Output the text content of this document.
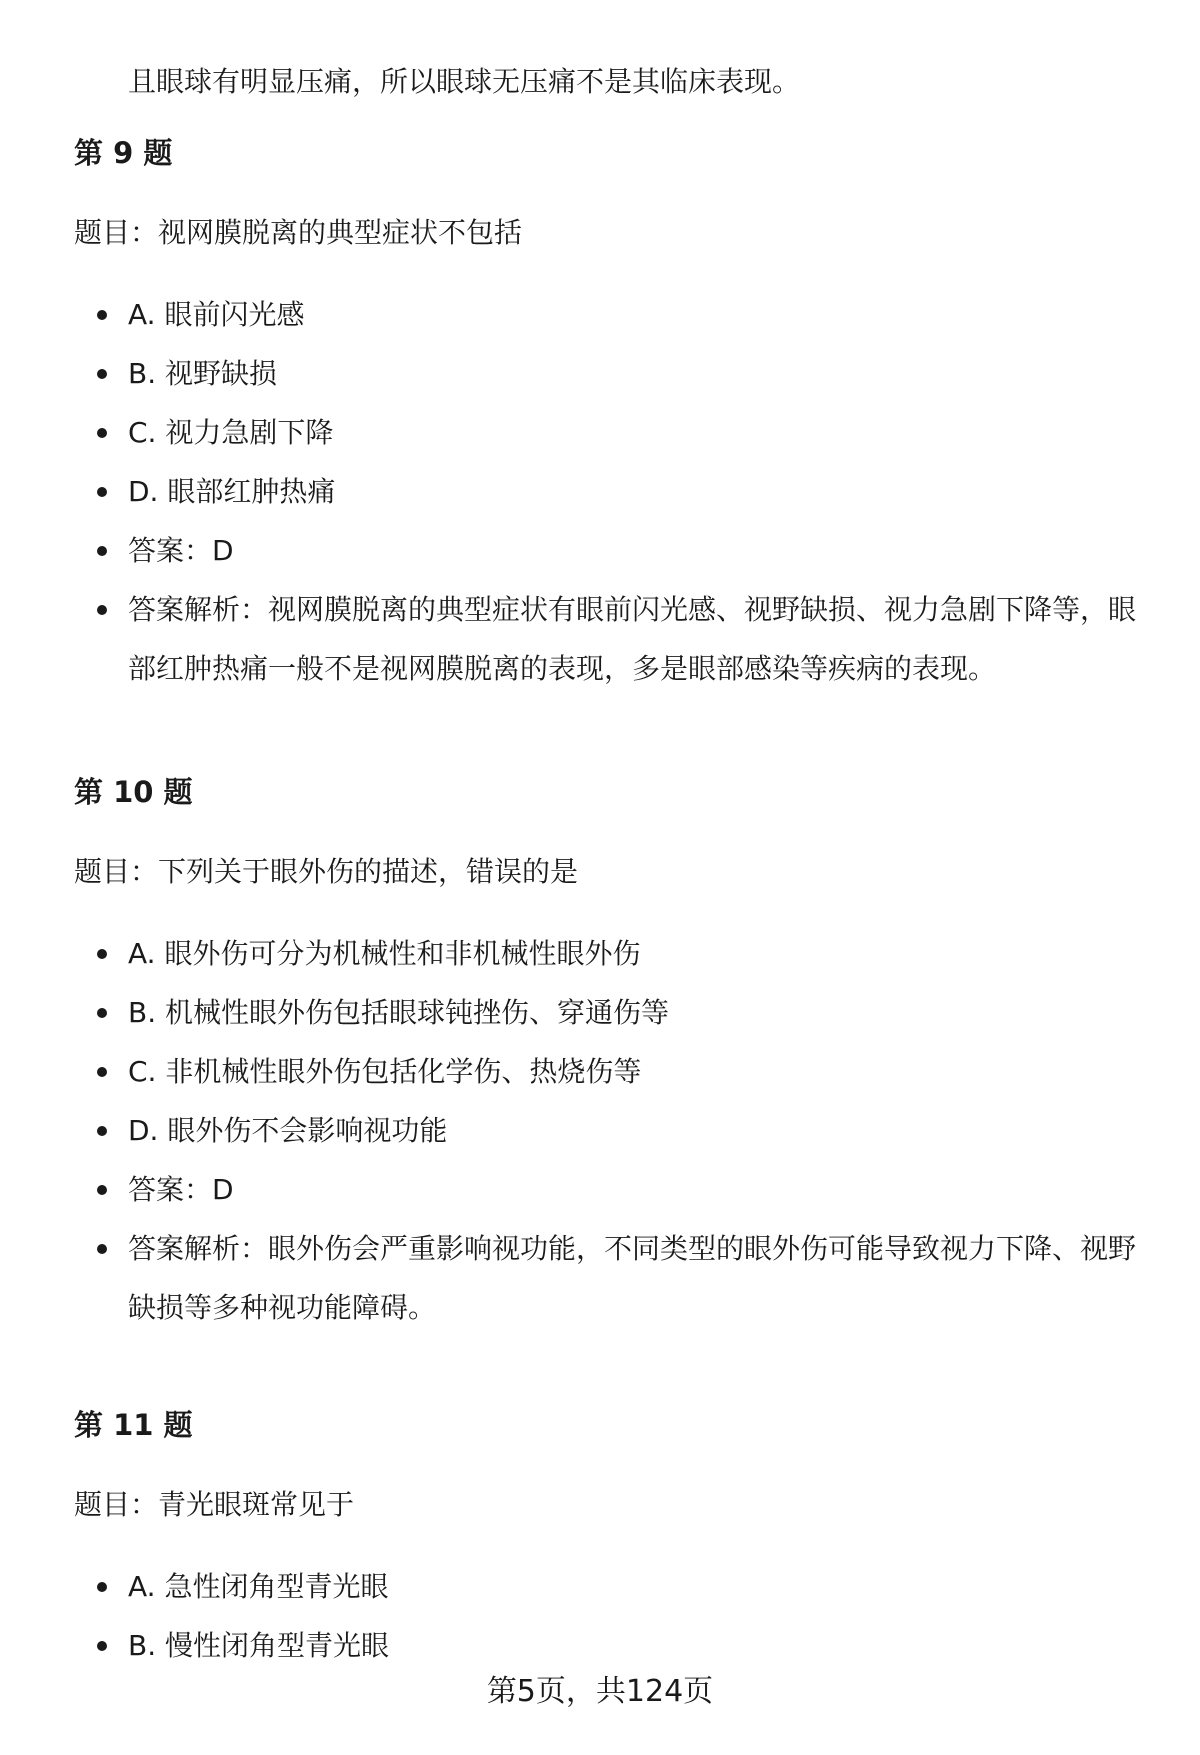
且眼球有明显压痛，所以眼球无压痛不是其临床表现。

第 9 题

题目：视网膜脱离的典型症状不包括

A. 眼前闪光感
B. 视野缺损
C. 视力急剧下降
D. 眼部红肿热痛
答案：D
答案解析：视网膜脱离的典型症状有眼前闪光感、视野缺损、视力急剧下降等，眼部红肿热痛一般不是视网膜脱离的表现，多是眼部感染等疾病的表现。
第 10 题

题目：下列关于眼外伤的描述，错误的是

A. 眼外伤可分为机械性和非机械性眼外伤
B. 机械性眼外伤包括眼球钝挫伤、穿通伤等
C. 非机械性眼外伤包括化学伤、热烧伤等
D. 眼外伤不会影响视功能
答案：D
答案解析：眼外伤会严重影响视功能，不同类型的眼外伤可能导致视力下降、视野缺损等多种视功能障碍。
第 11 题

题目：青光眼斑常见于

A. 急性闭角型青光眼
B. 慢性闭角型青光眼

第5页，共124页
